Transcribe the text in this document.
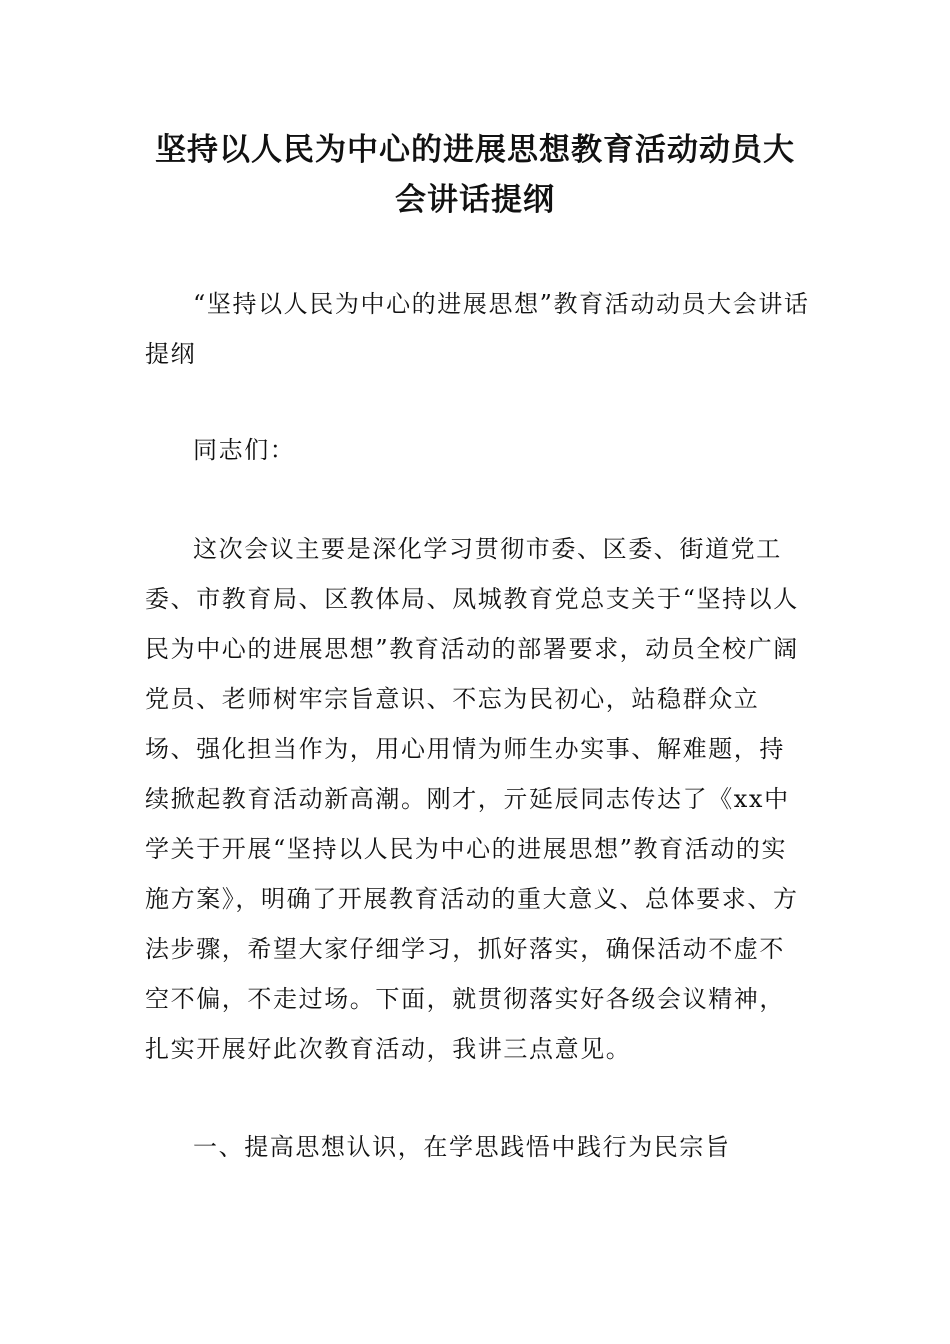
坚持以人民为中心的进展思想教育活动动员大会讲话提纲

“坚持以人民为中心的进展思想”教育活动动员大会讲话提纲

同志们：

这次会议主要是深化学习贯彻市委、区委、街道党工委、市教育局、区教体局、凤城教育党总支关于“坚持以人民为中心的进展思想”教育活动的部署要求，动员全校广阔党员、老师树牢宗旨意识、不忘为民初心，站稳群众立场、强化担当作为，用心用情为师生办实事、解难题，持续掀起教育活动新高潮。刚才，亓延辰同志传达了《xx中学关于开展“坚持以人民为中心的进展思想”教育活动的实施方案》，明确了开展教育活动的重大意义、总体要求、方法步骤，希望大家仔细学习，抓好落实，确保活动不虚不空不偏，不走过场。下面，就贯彻落实好各级会议精神，扎实开展好此次教育活动，我讲三点意见。

一、提高思想认识，在学思践悟中践行为民宗旨
